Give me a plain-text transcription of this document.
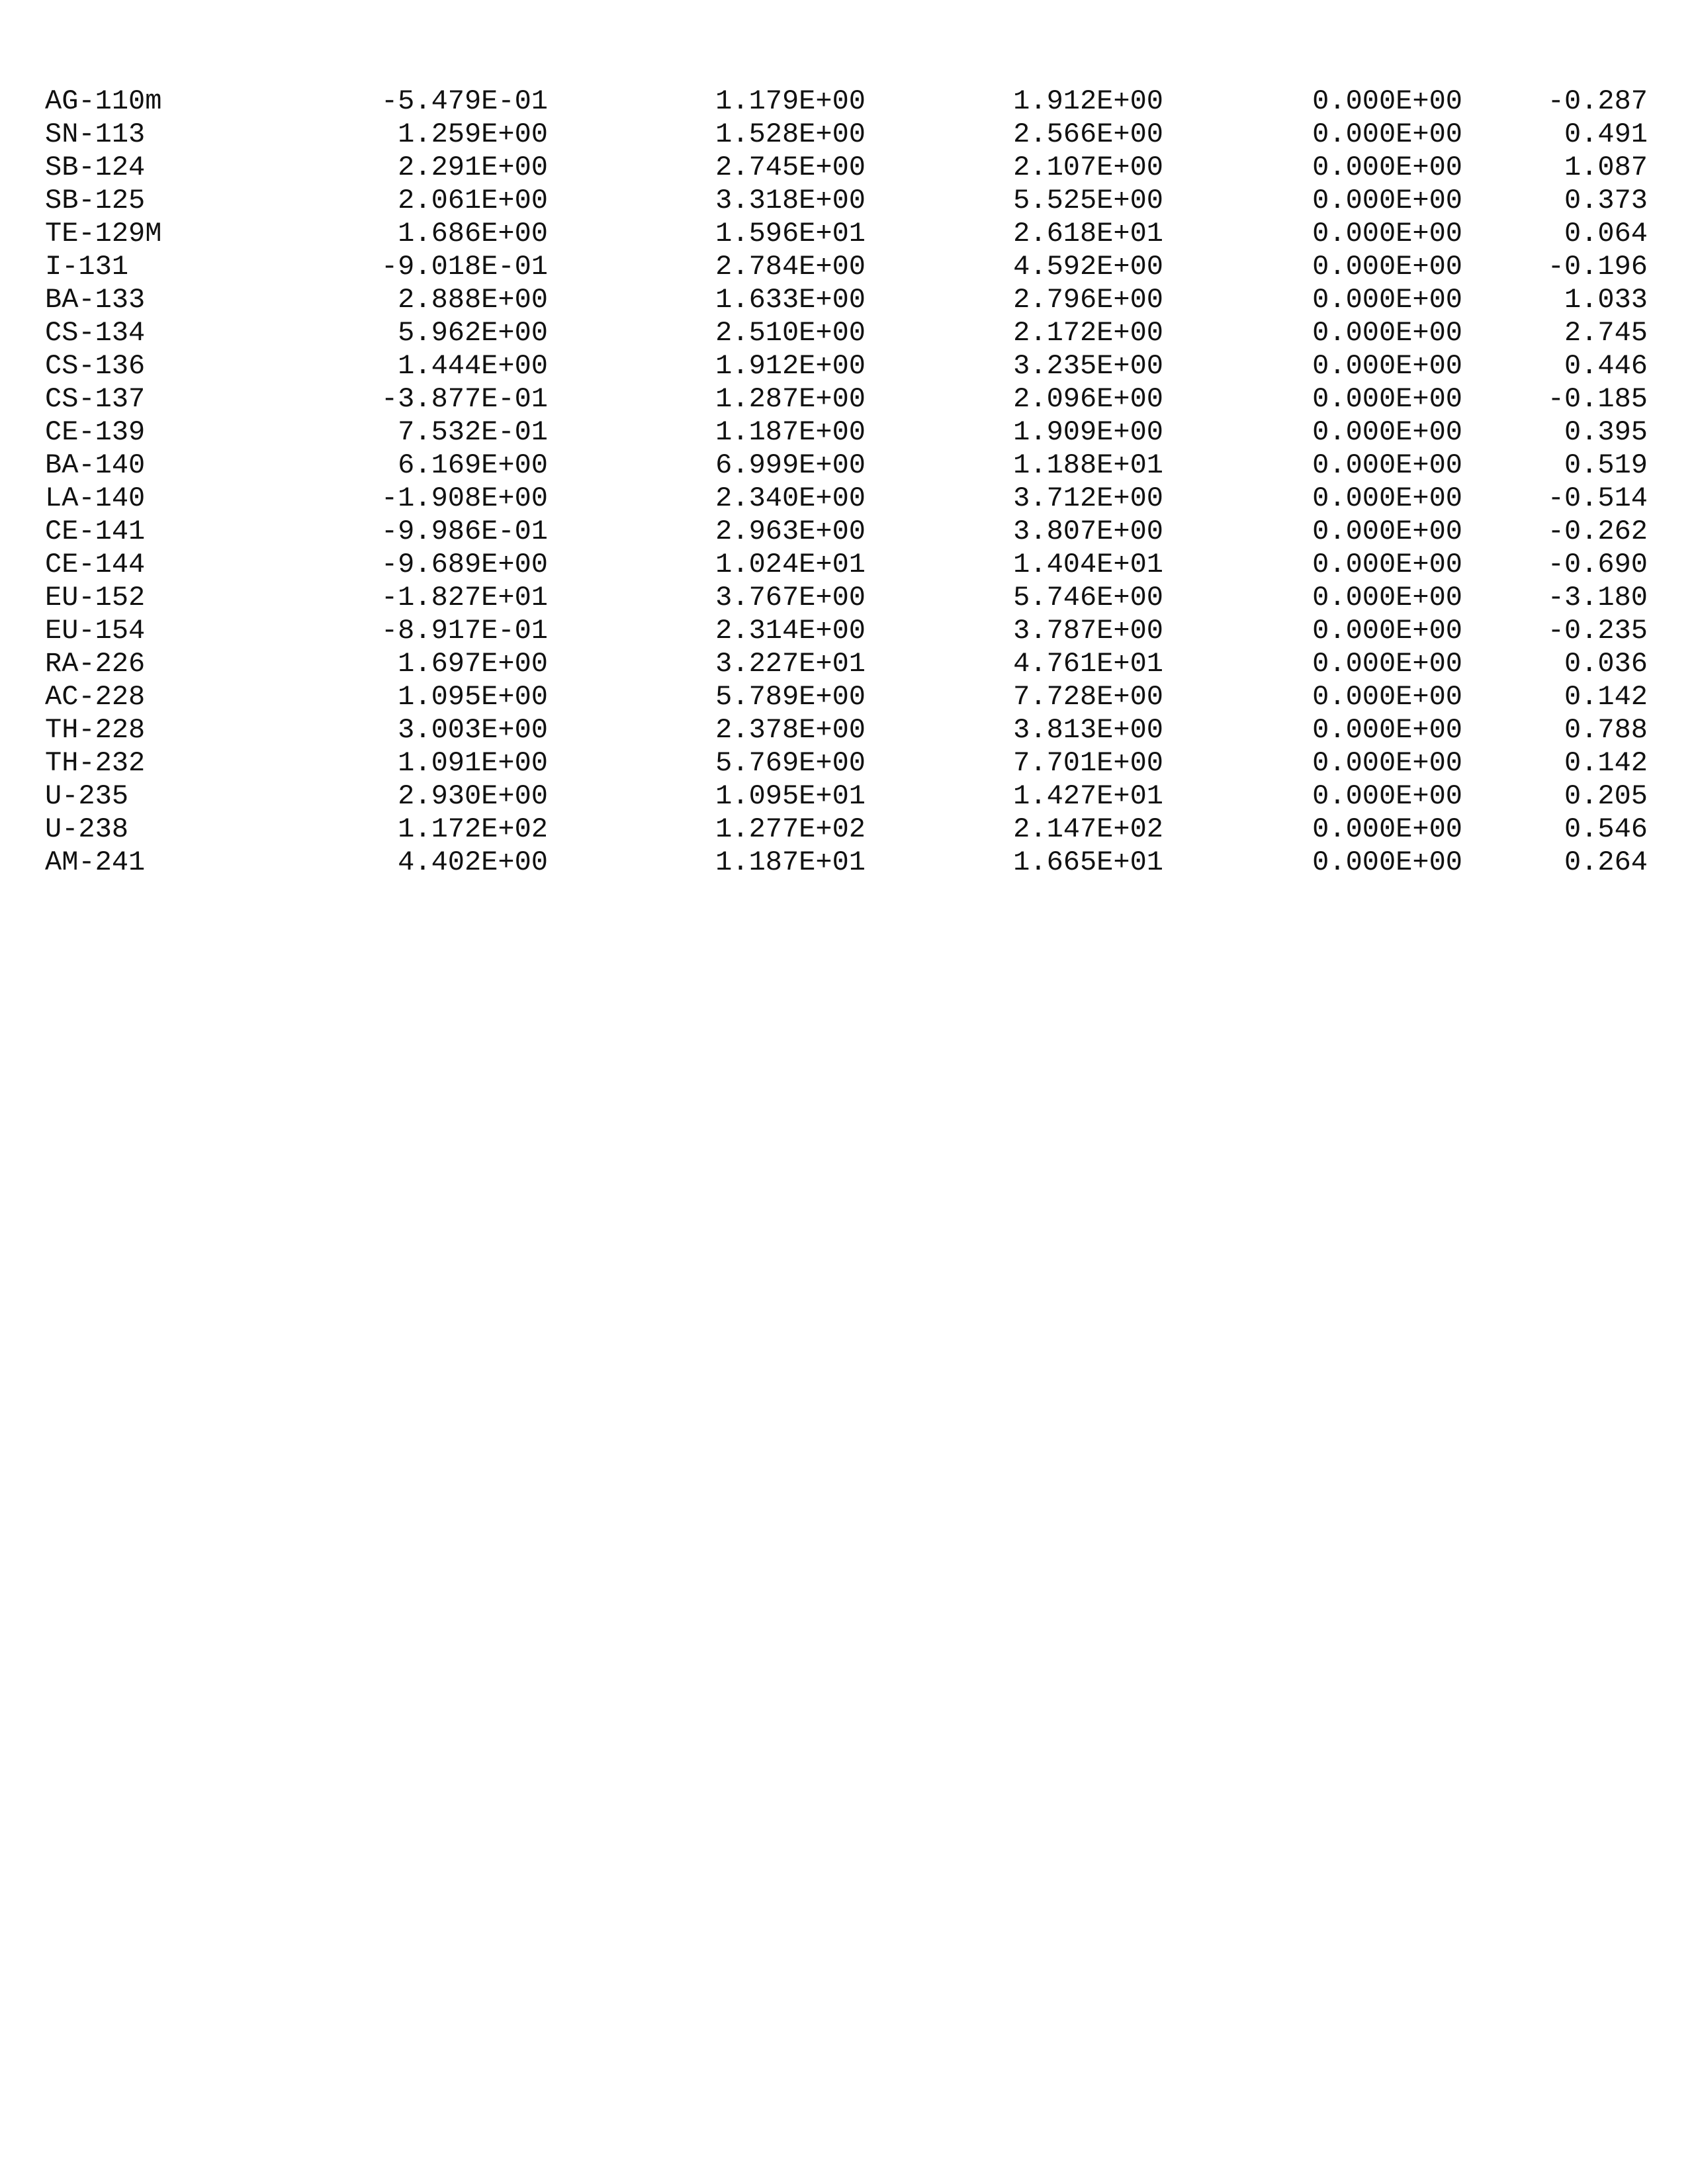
AG-110m	-5.479E-01	1.179E+00	1.912E+00	0.000E+00	-0.287
SN-113	1.259E+00	1.528E+00	2.566E+00	0.000E+00	0.491
SB-124	2.291E+00	2.745E+00	2.107E+00	0.000E+00	1.087
SB-125	2.061E+00	3.318E+00	5.525E+00	0.000E+00	0.373
TE-129M	1.686E+00	1.596E+01	2.618E+01	0.000E+00	0.064
I-131	-9.018E-01	2.784E+00	4.592E+00	0.000E+00	-0.196
BA-133	2.888E+00	1.633E+00	2.796E+00	0.000E+00	1.033
CS-134	5.962E+00	2.510E+00	2.172E+00	0.000E+00	2.745
CS-136	1.444E+00	1.912E+00	3.235E+00	0.000E+00	0.446
CS-137	-3.877E-01	1.287E+00	2.096E+00	0.000E+00	-0.185
CE-139	7.532E-01	1.187E+00	1.909E+00	0.000E+00	0.395
BA-140	6.169E+00	6.999E+00	1.188E+01	0.000E+00	0.519
LA-140	-1.908E+00	2.340E+00	3.712E+00	0.000E+00	-0.514
CE-141	-9.986E-01	2.963E+00	3.807E+00	0.000E+00	-0.262
CE-144	-9.689E+00	1.024E+01	1.404E+01	0.000E+00	-0.690
EU-152	-1.827E+01	3.767E+00	5.746E+00	0.000E+00	-3.180
EU-154	-8.917E-01	2.314E+00	3.787E+00	0.000E+00	-0.235
RA-226	1.697E+00	3.227E+01	4.761E+01	0.000E+00	0.036
AC-228	1.095E+00	5.789E+00	7.728E+00	0.000E+00	0.142
TH-228	3.003E+00	2.378E+00	3.813E+00	0.000E+00	0.788
TH-232	1.091E+00	5.769E+00	7.701E+00	0.000E+00	0.142
U-235	2.930E+00	1.095E+01	1.427E+01	0.000E+00	0.205
U-238	1.172E+02	1.277E+02	2.147E+02	0.000E+00	0.546
AM-241	4.402E+00	1.187E+01	1.665E+01	0.000E+00	0.264
